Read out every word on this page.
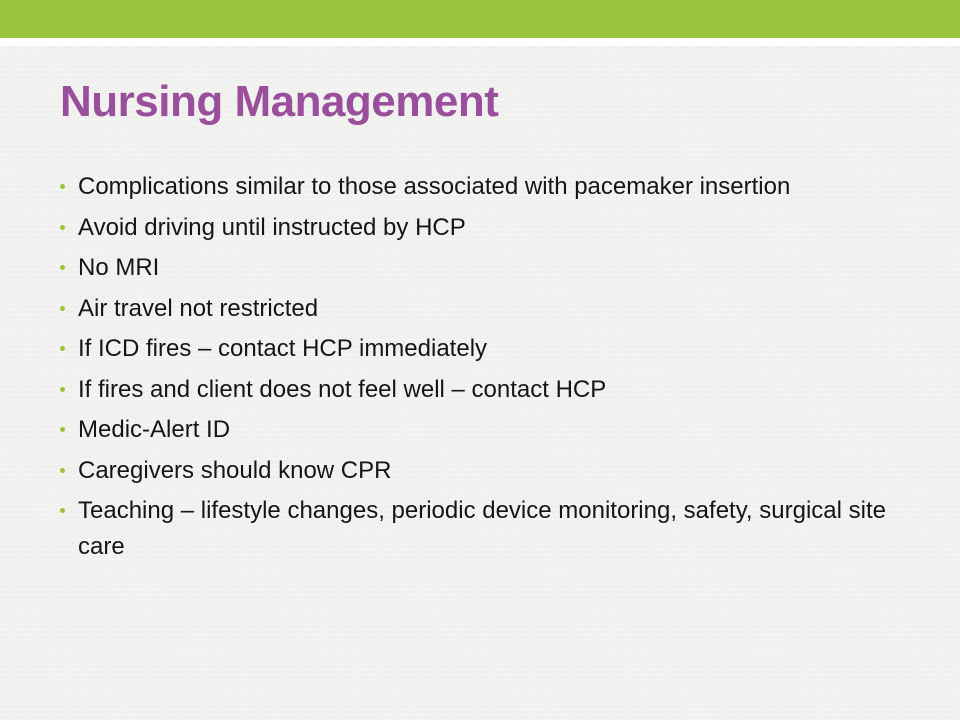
Nursing Management
Complications similar to those associated with pacemaker insertion
Avoid driving until instructed by HCP
No MRI
Air travel not restricted
If ICD fires – contact HCP immediately
If fires and client does not feel well – contact HCP
Medic-Alert ID
Caregivers should know CPR
Teaching – lifestyle changes, periodic device monitoring, safety, surgical site care
